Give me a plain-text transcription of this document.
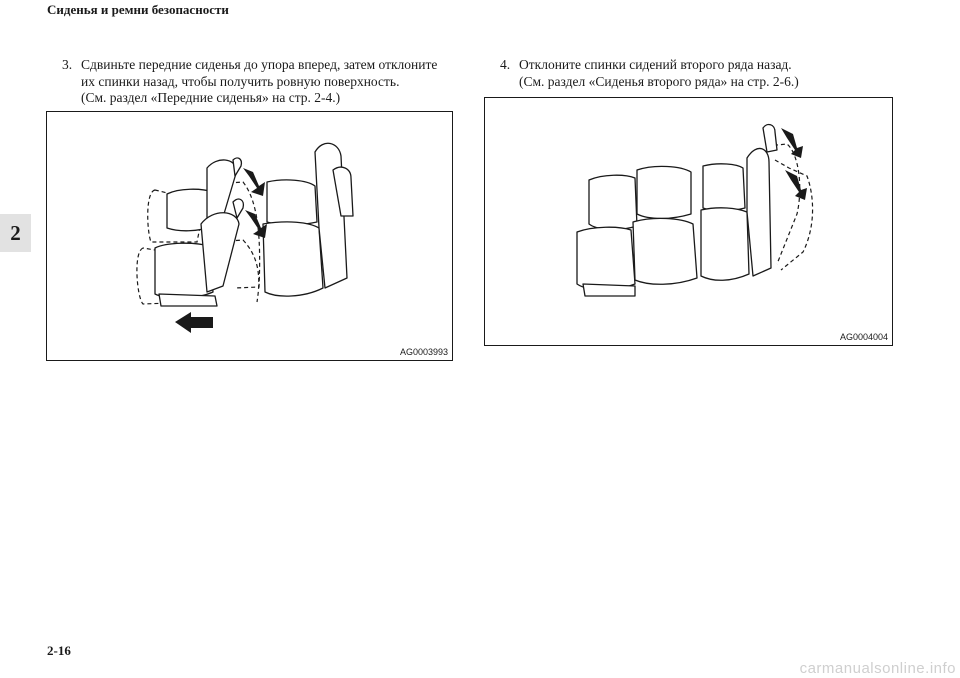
Сиденья и ремни безопасности
2
3. Сдвиньте передние сиденья до упора вперед, затем отклоните
их спинки назад, чтобы получить ровную поверхность.
(См. раздел «Передние сиденья» на стр. 2-4.)
4. Отклоните спинки сидений второго ряда назад.
(См. раздел «Сиденья второго ряда» на стр. 2-6.)
AG0003993
AG0004004
2-16
carmanualsonline.info
